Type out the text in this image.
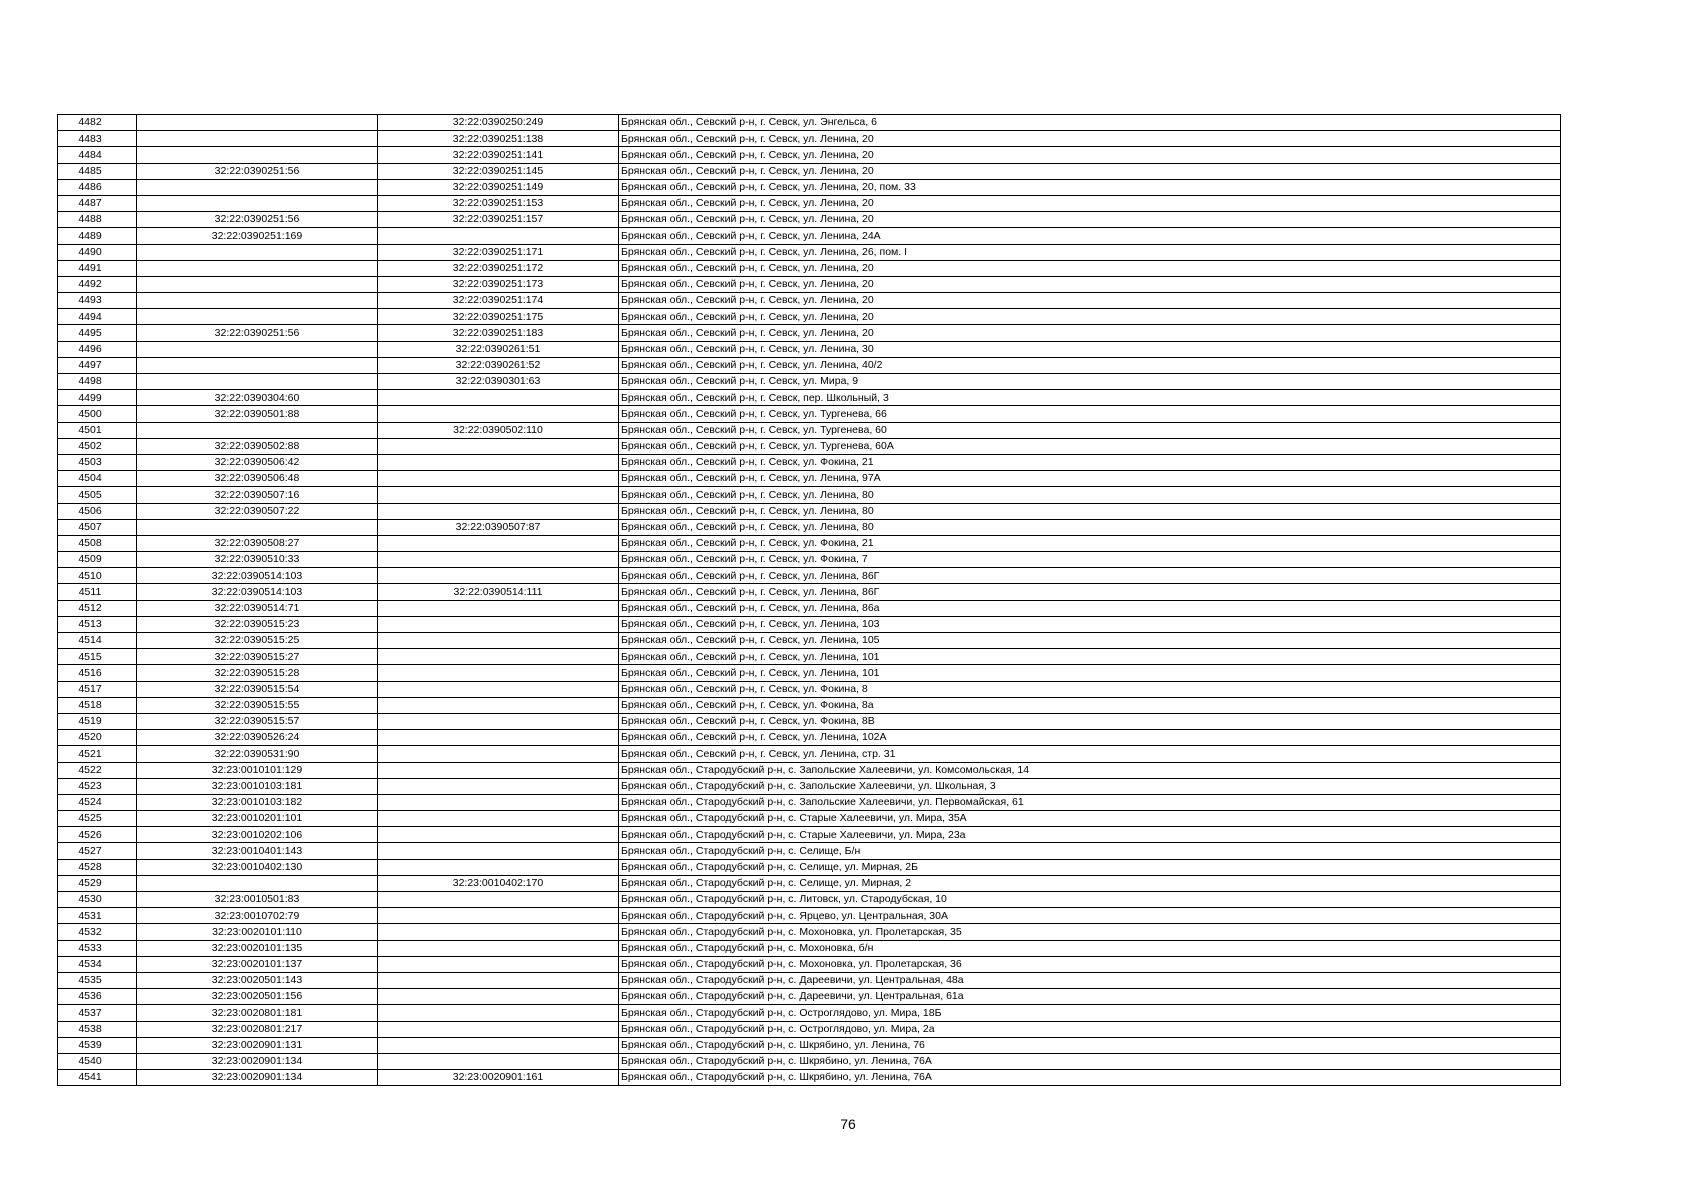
4482		32:22:0390250:249	Брянская обл., Севский р-н, г. Севск, ул. Энгельса, 6
4483		32:22:0390251:138	Брянская обл., Севский р-н, г. Севск, ул. Ленина, 20
4484		32:22:0390251:141	Брянская обл., Севский р-н, г. Севск, ул. Ленина, 20
4485	32:22:0390251:56	32:22:0390251:145	Брянская обл., Севский р-н, г. Севск, ул. Ленина, 20
4486		32:22:0390251:149	Брянская обл., Севский р-н, г. Севск, ул. Ленина, 20, пом. 33
4487		32:22:0390251:153	Брянская обл., Севский р-н, г. Севск, ул. Ленина, 20
4488	32:22:0390251:56	32:22:0390251:157	Брянская обл., Севский р-н, г. Севск, ул. Ленина, 20
4489	32:22:0390251:169		Брянская обл., Севский р-н, г. Севск, ул. Ленина, 24А
4490		32:22:0390251:171	Брянская обл., Севский р-н, г. Севск, ул. Ленина, 26, пом. I
4491		32:22:0390251:172	Брянская обл., Севский р-н, г. Севск, ул. Ленина, 20
4492		32:22:0390251:173	Брянская обл., Севский р-н, г. Севск, ул. Ленина, 20
4493		32:22:0390251:174	Брянская обл., Севский р-н, г. Севск, ул. Ленина, 20
4494		32:22:0390251:175	Брянская обл., Севский р-н, г. Севск, ул. Ленина, 20
4495	32:22:0390251:56	32:22:0390251:183	Брянская обл., Севский р-н, г. Севск, ул. Ленина, 20
4496		32:22:0390261:51	Брянская обл., Севский р-н, г. Севск, ул. Ленина, 30
4497		32:22:0390261:52	Брянская обл., Севский р-н, г. Севск, ул. Ленина, 40/2
4498		32:22:0390301:63	Брянская обл., Севский р-н, г. Севск, ул. Мира, 9
4499	32:22:0390304:60		Брянская обл., Севский р-н, г. Севск, пер. Школьный, 3
4500	32:22:0390501:88		Брянская обл., Севский р-н, г. Севск, ул. Тургенева, 66
4501		32:22:0390502:110	Брянская обл., Севский р-н, г. Севск, ул. Тургенева, 60
4502	32:22:0390502:88		Брянская обл., Севский р-н, г. Севск, ул. Тургенева, 60А
4503	32:22:0390506:42		Брянская обл., Севский р-н, г. Севск, ул. Фокина, 21
4504	32:22:0390506:48		Брянская обл., Севский р-н, г. Севск, ул. Ленина, 97А
4505	32:22:0390507:16		Брянская обл., Севский р-н, г. Севск, ул. Ленина, 80
4506	32:22:0390507:22		Брянская обл., Севский р-н, г. Севск, ул. Ленина, 80
4507		32:22:0390507:87	Брянская обл., Севский р-н, г. Севск, ул. Ленина, 80
4508	32:22:0390508:27		Брянская обл., Севский р-н, г. Севск, ул. Фокина, 21
4509	32:22:0390510:33		Брянская обл., Севский р-н, г. Севск, ул. Фокина, 7
4510	32:22:0390514:103		Брянская обл., Севский р-н, г. Севск, ул. Ленина, 86Г
4511	32:22:0390514:103	32:22:0390514:111	Брянская обл., Севский р-н, г. Севск, ул. Ленина, 86Г
4512	32:22:0390514:71		Брянская обл., Севский р-н, г. Севск, ул. Ленина, 86а
4513	32:22:0390515:23		Брянская обл., Севский р-н, г. Севск, ул. Ленина, 103
4514	32:22:0390515:25		Брянская обл., Севский р-н, г. Севск, ул. Ленина, 105
4515	32:22:0390515:27		Брянская обл., Севский р-н, г. Севск, ул. Ленина, 101
4516	32:22:0390515:28		Брянская обл., Севский р-н, г. Севск, ул. Ленина, 101
4517	32:22:0390515:54		Брянская обл., Севский р-н, г. Севск, ул. Фокина, 8
4518	32:22:0390515:55		Брянская обл., Севский р-н, г. Севск, ул. Фокина, 8а
4519	32:22:0390515:57		Брянская обл., Севский р-н, г. Севск, ул. Фокина, 8В
4520	32:22:0390526:24		Брянская обл., Севский р-н, г. Севск, ул. Ленина, 102А
4521	32:22:0390531:90		Брянская обл., Севский р-н, г. Севск, ул. Ленина, стр. 31
4522	32:23:0010101:129		Брянская обл., Стародубский р-н, с. Запольские Халеевичи, ул. Комсомольская, 14
4523	32:23:0010103:181		Брянская обл., Стародубский р-н, с. Запольские Халеевичи, ул. Школьная, 3
4524	32:23:0010103:182		Брянская обл., Стародубский р-н, с. Запольские Халеевичи, ул. Первомайская, 61
4525	32:23:0010201:101		Брянская обл., Стародубский р-н, с. Старые Халеевичи, ул. Мира, 35А
4526	32:23:0010202:106		Брянская обл., Стародубский р-н, с. Старые Халеевичи, ул. Мира, 23а
4527	32:23:0010401:143		Брянская обл., Стародубский р-н, с. Селище, Б/н
4528	32:23:0010402:130		Брянская обл., Стародубский р-н, с. Селище, ул. Мирная, 2Б
4529		32:23:0010402:170	Брянская обл., Стародубский р-н, с. Селище, ул. Мирная, 2
4530	32:23:0010501:83		Брянская обл., Стародубский р-н, с. Литовск, ул. Стародубская, 10
4531	32:23:0010702:79		Брянская обл., Стародубский р-н, с. Ярцево, ул. Центральная, 30А
4532	32:23:0020101:110		Брянская обл., Стародубский р-н, с. Мохоновка, ул. Пролетарская, 35
4533	32:23:0020101:135		Брянская обл., Стародубский р-н, с. Мохоновка, б/н
4534	32:23:0020101:137		Брянская обл., Стародубский р-н, с. Мохоновка, ул. Пролетарская, 36
4535	32:23:0020501:143		Брянская обл., Стародубский р-н, с. Дареевичи, ул. Центральная, 48а
4536	32:23:0020501:156		Брянская обл., Стародубский р-н, с. Дареевичи, ул. Центральная, 61а
4537	32:23:0020801:181		Брянская обл., Стародубский р-н, с. Остроглядово, ул. Мира, 18Б
4538	32:23:0020801:217		Брянская обл., Стародубский р-н, с. Остроглядово, ул. Мира, 2а
4539	32:23:0020901:131		Брянская обл., Стародубский р-н, с. Шкрябино, ул. Ленина, 76
4540	32:23:0020901:134		Брянская обл., Стародубский р-н, с. Шкрябино, ул. Ленина, 76А
4541	32:23:0020901:134	32:23:0020901:161	Брянская обл., Стародубский р-н, с. Шкрябино, ул. Ленина, 76А
76
